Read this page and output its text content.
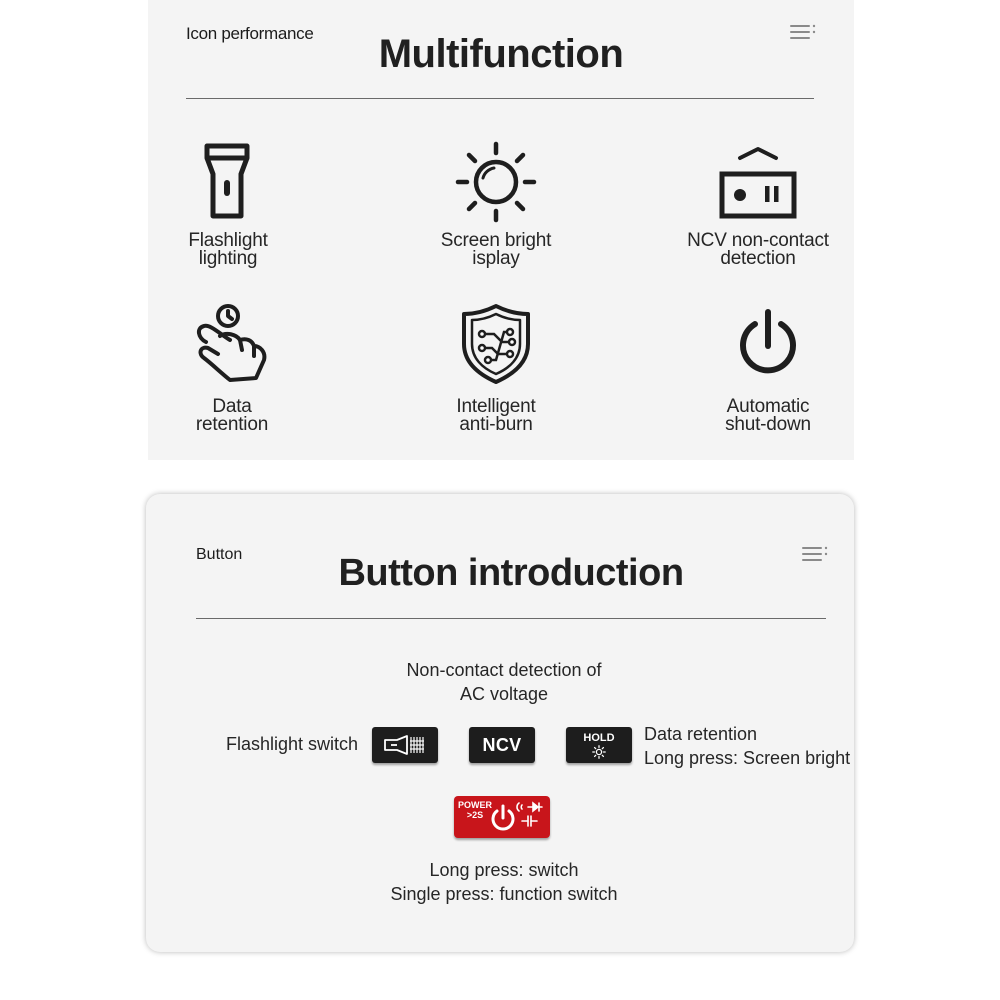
Icon performance	Multifunction
Flashlight
lighting
Screen bright
isplay
NCV non-contact
detection
Data
retention
Intelligent
anti-burn
Automatic
shut-down
Button	Button introduction
Non-contact detection of
AC voltage
Flashlight switch	NCV	HOLD Data retention
Long press: Screen bright
POWER
>2S
Long press: switch
Single press: function switch
